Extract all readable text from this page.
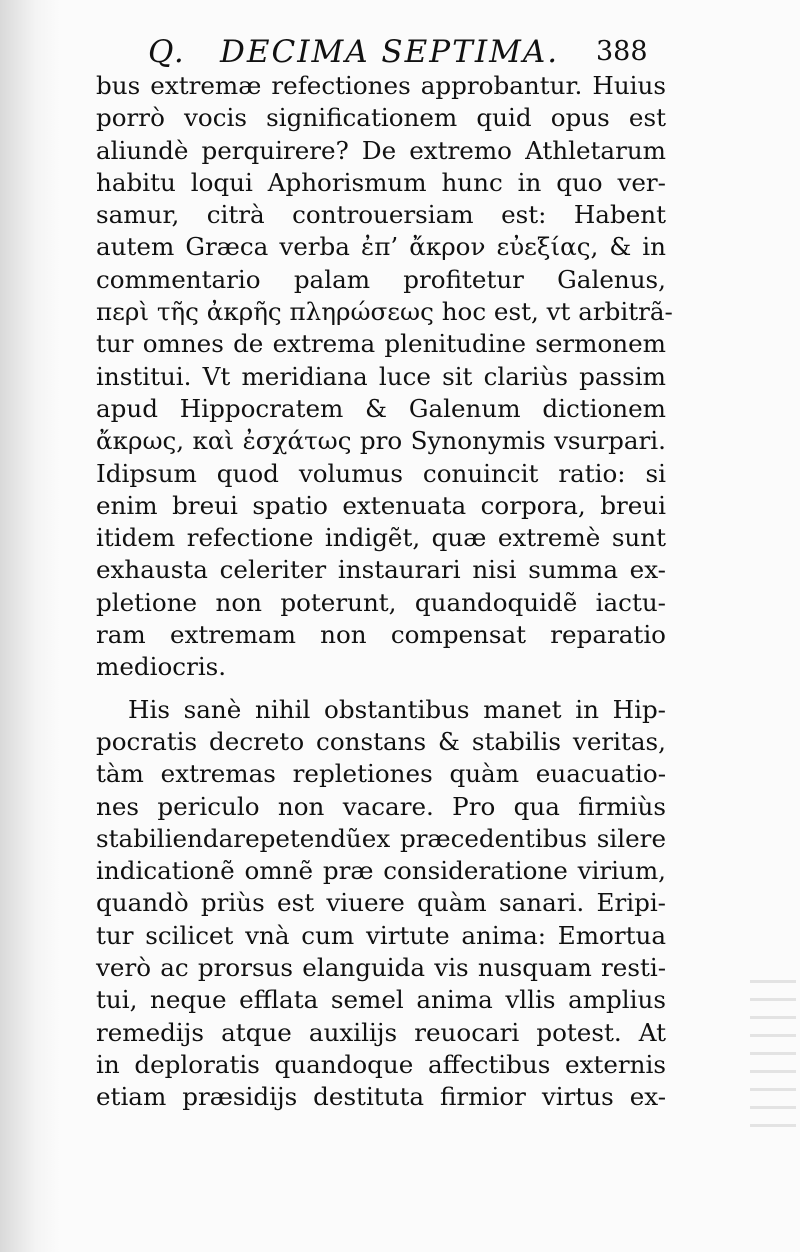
Q. DECIMA SEPTIMA. 388
bus extremæ refectiones approbantur. Huius
porrò vocis significationem quid opus est
aliundè perquirere? De extremo Athletarum
habitu loqui Aphorismum hunc in quo ver-
samur, citrà controuersiam est: Habent
autem Græca verba ἐπ’ ἄκρον εὐεξίας, & in
commentario palam profitetur Galenus,
περὶ τῆς ἀκρῆς πληρώσεως hoc est, vt arbitrã-
tur omnes de extrema plenitudine sermonem
institui. Vt meridiana luce sit clariùs passim
apud Hippocratem & Galenum dictionem
ἄκρως, καὶ ἐσχάτως pro Synonymis vsurpari.
Idipsum quod volumus conuincit ratio: si
enim breui spatio extenuata corpora, breui
itidem refectione indigẽt, quæ extremè sunt
exhausta celeriter instaurari nisi summa ex-
pletione non poterunt, quandoquidẽ iactu-
ram extremam non compensat reparatio
mediocris.
His sanè nihil obstantibus manet in Hip-
pocratis decreto constans & stabilis veritas,
tàm extremas repletiones quàm euacuatio-
nes periculo non vacare. Pro qua firmiùs
stabiliendarepetendũex præcedentibus silere
indicationẽ omnẽ præ consideratione virium,
quandò priùs est viuere quàm sanari. Eripi-
tur scilicet vnà cum virtute anima: Emortua
verò ac prorsus elanguida vis nusquam resti-
tui, neque efflata semel anima vllis amplius
remedijs atque auxilijs reuocari potest. At
in deploratis quandoque affectibus externis
etiam præsidijs destituta firmior virtus ex-
